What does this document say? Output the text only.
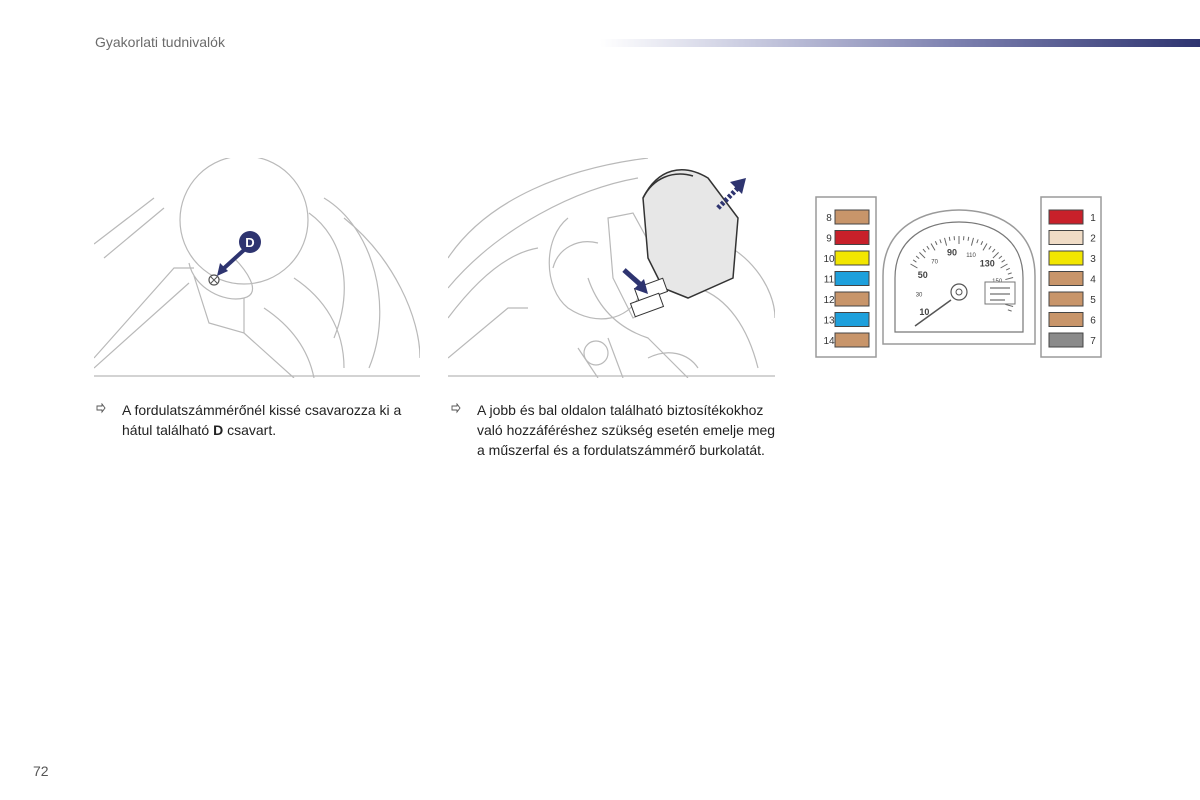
Gyakorlati tudnivalók
D
8
9
10
11
12
13
14
1
2
3
4
5
6
7
10
30
50
70
90 110
130
A fordulatszámmérőnél kissé csavarozza ki a hátul található D csavart.
A jobb és bal oldalon található biztosítékokhoz való hozzáféréshez szükség esetén emelje meg a műszerfal és a fordulatszámmérő burkolatát.
72
